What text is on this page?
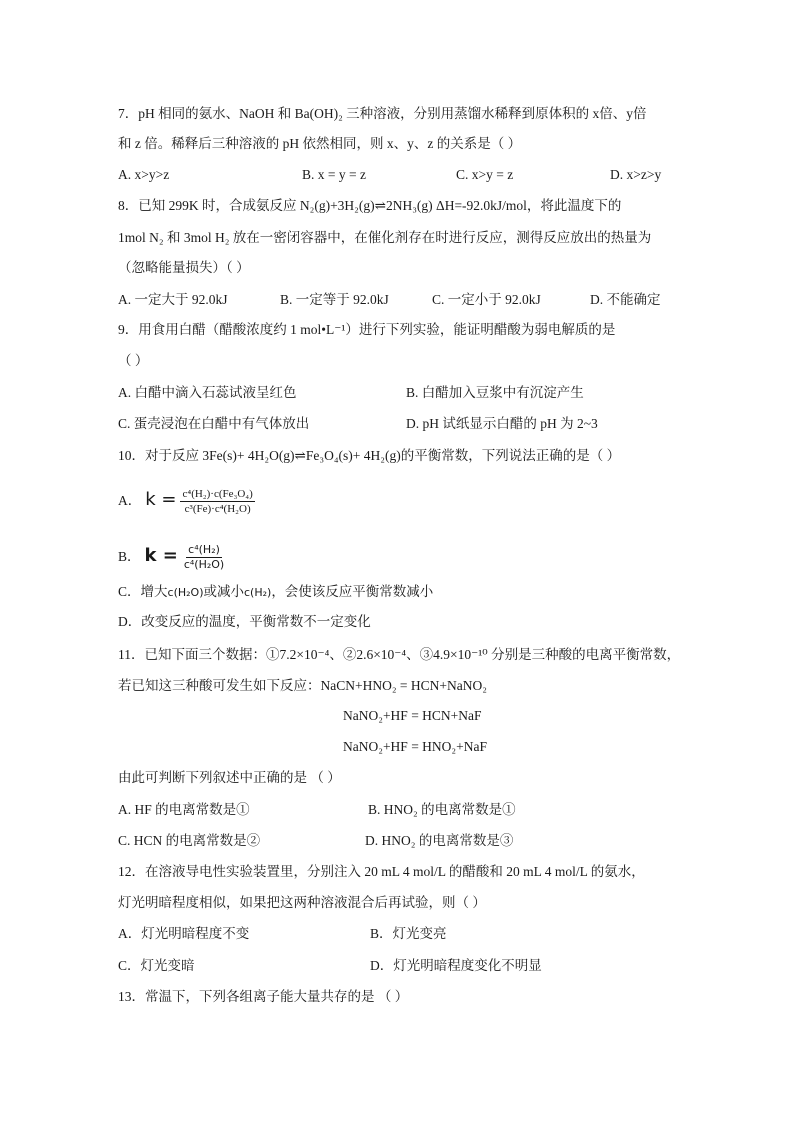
7．pH 相同的氨水、NaOH 和 Ba(OH)₂ 三种溶液，分别用蒸馏水稀释到原体积的 x倍、y倍
和 z 倍。稀释后三种溶液的 pH 依然相同，则 x、y、z 的关系是（ ）
A. x>y>z	B. x = y = z	C. x>y = z	D. x>z>y
8．已知 299K 时，合成氨反应 N₂(g)+3H₂(g)⇌2NH₃(g) ΔH=-92.0kJ/mol，将此温度下的
1mol N₂ 和 3mol H₂ 放在一密闭容器中，在催化剂存在时进行反应，测得反应放出的热量为
（忽略能量损失）（ ）
A. 一定大于 92.0kJ	B. 一定等于 92.0kJ	C. 一定小于 92.0kJ	D. 不能确定
9．用食用白醋（醋酸浓度约 1 mol•L⁻¹）进行下列实验，能证明醋酸为弱电解质的是
（ ）
A. 白醋中滴入石蕊试液呈红色	B. 白醋加入豆浆中有沉淀产生
C. 蛋壳浸泡在白醋中有气体放出	D. pH 试纸显示白醋的 pH 为 2~3
10．对于反应 3Fe(s)+ 4H₂O(g)⇌Fe₃O₄(s)+ 4H₂(g)的平衡常数，下列说法正确的是（ ）
A． $k = \frac{\text{c⁴(H₂)·c(Fe₃O₄)}}{\text{c³(Fe)·c⁴(H₂O)}}$
B． $k = \frac{\text{c⁴(H₂)}}{\text{c⁴(H₂O)}}$
C．增大c(H₂O)或减小c(H₂)，会使该反应平衡常数减小
D．改变反应的温度，平衡常数不一定变化
11．已知下面三个数据：①7.2×10⁻⁴、②2.6×10⁻⁴、③4.9×10⁻¹⁰ 分别是三种酸的电离平衡常数，
若已知这三种酸可发生如下反应：NaCN+HNO₂ = HCN+NaNO₂
NaNO₂+HF = HCN+NaF
NaNO₂+HF = HNO₂+NaF
由此可判断下列叙述中正确的是 （ ）
A. HF 的电离常数是①	B. HNO₂ 的电离常数是①
C. HCN 的电离常数是②	D. HNO₂ 的电离常数是③
12．在溶液导电性实验装置里，分别注入 20 mL 4 mol/L 的醋酸和 20 mL 4 mol/L 的氨水，
灯光明暗程度相似，如果把这两种溶液混合后再试验，则（ ）
A．灯光明暗程度不变	B．灯光变亮
C．灯光变暗	D．灯光明暗程度变化不明显
13．常温下，下列各组离子能大量共存的是 （ ）
